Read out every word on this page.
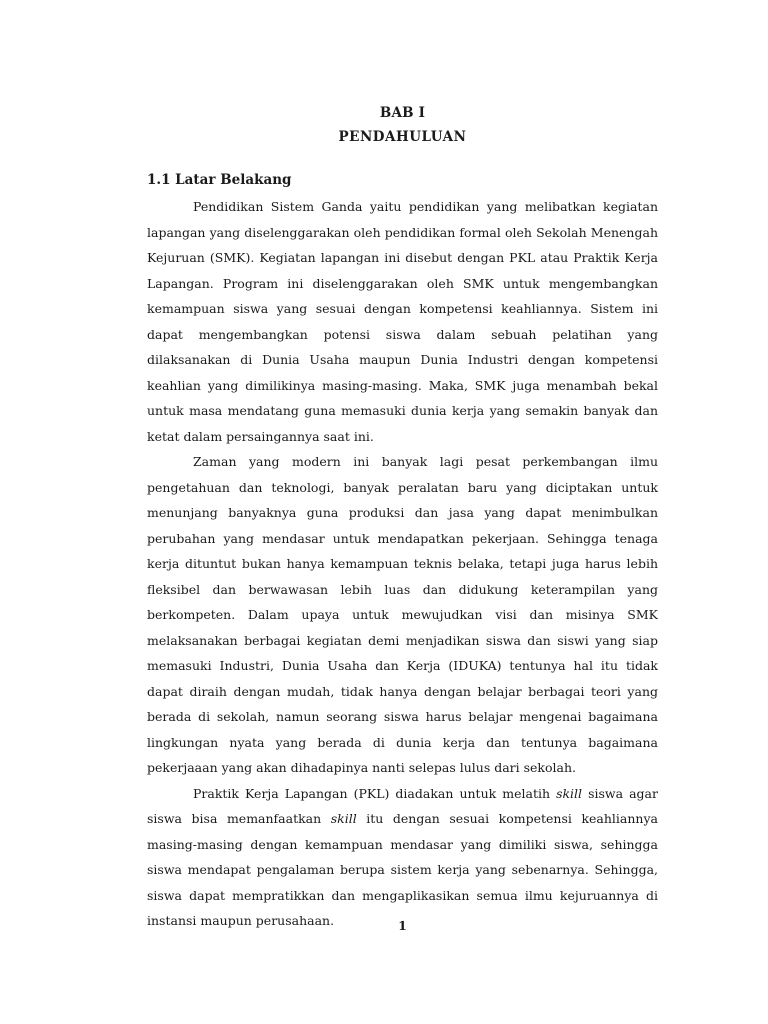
BAB I
PENDAHULUAN
1.1 Latar Belakang

Pendidikan Sistem Ganda yaitu pendidikan yang melibatkan kegiatan lapangan yang diselenggarakan oleh pendidikan formal oleh Sekolah Menengah Kejuruan (SMK). Kegiatan lapangan ini disebut dengan PKL atau Praktik Kerja Lapangan. Program ini diselenggarakan oleh SMK untuk mengembangkan kemampuan siswa yang sesuai dengan kompetensi keahliannya. Sistem ini dapat mengembangkan potensi siswa dalam sebuah pelatihan yang dilaksanakan di Dunia Usaha maupun Dunia Industri dengan kompetensi keahlian yang dimilikinya masing-masing. Maka, SMK juga menambah bekal untuk masa mendatang guna memasuki dunia kerja yang semakin banyak dan ketat dalam persaingannya saat ini.

Zaman yang modern ini banyak lagi pesat perkembangan ilmu pengetahuan dan teknologi, banyak peralatan baru yang diciptakan untuk menunjang banyaknya guna produksi dan jasa yang dapat menimbulkan perubahan yang mendasar untuk mendapatkan pekerjaan. Sehingga tenaga kerja dituntut bukan hanya kemampuan teknis belaka, tetapi juga harus lebih fleksibel dan berwawasan lebih luas dan didukung keterampilan yang berkompeten. Dalam upaya untuk mewujudkan visi dan misinya SMK melaksanakan berbagai kegiatan demi menjadikan siswa dan siswi yang siap memasuki Industri, Dunia Usaha dan Kerja (IDUKA) tentunya hal itu tidak dapat diraih dengan mudah, tidak hanya dengan belajar berbagai teori yang berada di sekolah, namun seorang siswa harus belajar mengenai bagaimana lingkungan nyata yang berada di dunia kerja dan tentunya bagaimana pekerjaaan yang akan dihadapinya nanti selepas lulus dari sekolah.

Praktik Kerja Lapangan (PKL) diadakan untuk melatih skill siswa agar siswa bisa memanfaatkan skill itu dengan sesuai kompetensi keahliannya masing-masing dengan kemampuan mendasar yang dimiliki siswa, sehingga siswa mendapat pengalaman berupa sistem kerja yang sebenarnya. Sehingga, siswa dapat mempratikkan dan mengaplikasikan semua ilmu kejuruannya di instansi maupun perusahaan.	1
